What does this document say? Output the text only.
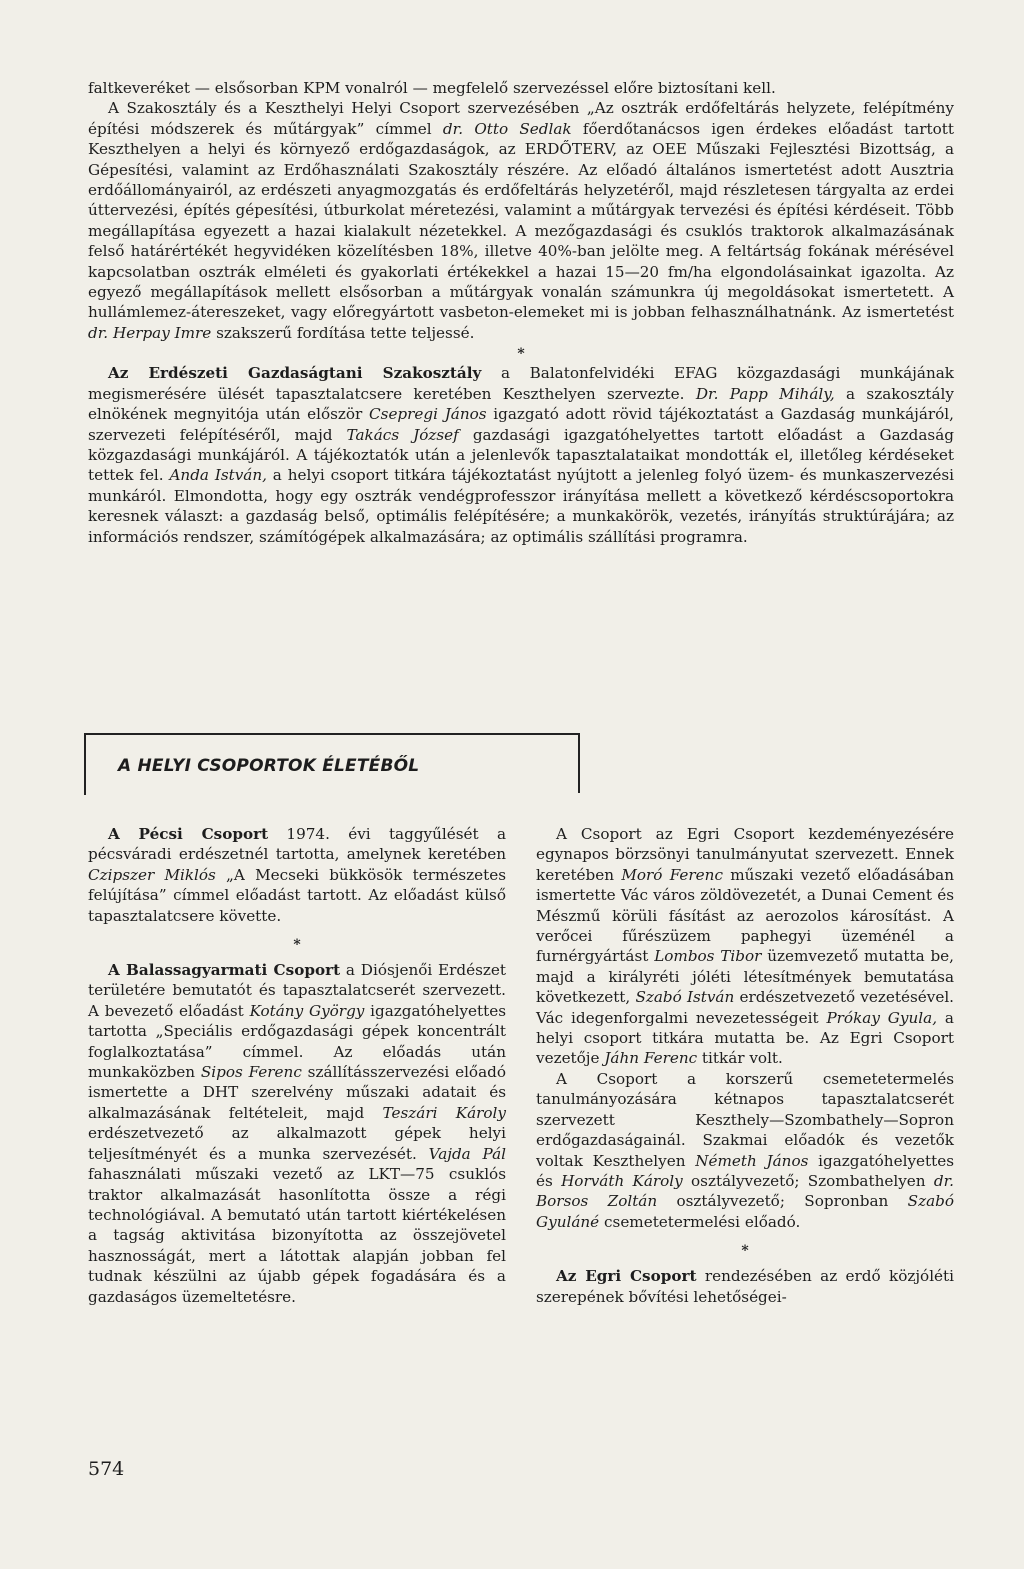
faltkeveréket — elsősorban KPM vonalról — megfelelő szervezéssel előre biztosítani kell.

A Szakosztály és a Keszthelyi Helyi Csoport szervezésében „Az osztrák erdőfeltárás helyzete, felépítmény építési módszerek és műtárgyak” címmel dr. Otto Sedlak főerdőtanácsos igen érdekes előadást tartott Keszthelyen a helyi és környező erdőgazdaságok, az ERDŐTERV, az OEE Műszaki Fejlesztési Bizottság, a Gépesítési, valamint az Erdőhasználati Szakosztály részére. Az előadó általános ismertetést adott Ausztria erdőállományairól, az erdészeti anyagmozgatás és erdőfeltárás helyzetéről, majd részletesen tárgyalta az erdei úttervezési, építés gépesítési, útburkolat méretezési, valamint a műtárgyak tervezési és építési kérdéseit. Több megállapítása egyezett a hazai kialakult nézetekkel. A mezőgazdasági és csuklós traktorok alkalmazásának felső határértékét hegyvidéken közelítésben 18%, illetve 40%-ban jelölte meg. A feltártság fokának mérésével kapcsolatban osztrák elméleti és gyakorlati értékekkel a hazai 15—20 fm/ha elgondolásainkat igazolta. Az egyező megállapítások mellett elsősorban a műtárgyak vonalán számunkra új megoldásokat ismertetett. A hullámlemez-átereszeket, vagy előregyártott vasbeton-elemeket mi is jobban felhasználhatnánk. Az ismertetést dr. Herpay Imre szakszerű fordítása tette teljessé.

*

Az Erdészeti Gazdaságtani Szakosztály a Balatonfelvidéki EFAG közgazdasági munkájának megismerésére ülését tapasztalatcsere keretében Keszthelyen szervezte. Dr. Papp Mihály, a szakosztály elnökének megnyitója után először Csepregi János igazgató adott rövid tájékoztatást a Gazdaság munkájáról, szervezeti felépítéséről, majd Takács József gazdasági igazgatóhelyettes tartott előadást a Gazdaság közgazdasági munkájáról. A tájékoztatók után a jelenlevők tapasztalataikat mondották el, illetőleg kérdéseket tettek fel. Anda István, a helyi csoport titkára tájékoztatást nyújtott a jelenleg folyó üzem- és munkaszervezési munkáról. Elmondotta, hogy egy osztrák vendégprofesszor irányítása mellett a következő kérdéscsoportokra keresnek választ: a gazdaság belső, optimális felépítésére; a munkakörök, vezetés, irányítás struktúrájára; az információs rendszer, számítógépek alkalmazására; az optimális szállítási programra.

A HELYI CSOPORTOK ÉLETÉBŐL

A Pécsi Csoport 1974. évi taggyűlését a pécsváradi erdészetnél tartotta, amelynek keretében Czipszer Miklós „A Mecseki bükkösök természetes felújítása” címmel előadást tartott. Az előadást külső tapasztalatcsere követte.

*

A Balassagyarmati Csoport a Diósjenői Erdészet területére bemutatót és tapasztalatcserét szervezett. A bevezető előadást Kotány György igazgatóhelyettes tartotta „Speciális erdőgazdasági gépek koncentrált foglalkoztatása” címmel. Az előadás után munkaközben Sipos Ferenc szállításszervezési előadó ismertette a DHT szerelvény műszaki adatait és alkalmazásának feltételeit, majd Teszári Károly erdészetvezető az alkalmazott gépek helyi teljesítményét és a munka szervezését. Vajda Pál fahasználati műszaki vezető az LKT—75 csuklós traktor alkalmazását hasonlította össze a régi technológiával. A bemutató után tartott kiértékelésen a tagság aktivitása bizonyította az összejövetel hasznosságát, mert a látottak alapján jobban fel tudnak készülni az újabb gépek fogadására és a gazdaságos üzemeltetésre.

A Csoport az Egri Csoport kezdeményezésére egynapos börzsönyi tanulmányutat szervezett. Ennek keretében Moró Ferenc műszaki vezető előadásában ismertette Vác város zöldövezetét, a Dunai Cement és Mészmű körüli fásítást az aerozolos károsítást. A verőcei fűrészüzem paphegyi üzeménél a furnérgyártást Lombos Tibor üzemvezető mutatta be, majd a királyréti jóléti létesítmények bemutatása következett, Szabó István erdészetvezető vezetésével. Vác idegenforgalmi nevezetességeit Prókay Gyula, a helyi csoport titkára mutatta be. Az Egri Csoport vezetője Jáhn Ferenc titkár volt.

A Csoport a korszerű csemetetermelés tanulmányozására kétnapos tapasztalatcserét szervezett Keszthely—Szombathely—Sopron erdőgazdaságainál. Szakmai előadók és vezetők voltak Keszthelyen Németh János igazgatóhelyettes és Horváth Károly osztályvezető; Szombathelyen dr. Borsos Zoltán osztályvezető; Sopronban Szabó Gyuláné csemetetermelési előadó.

*

Az Egri Csoport rendezésében az erdő közjóléti szerepének bővítési lehetőségei-

574
